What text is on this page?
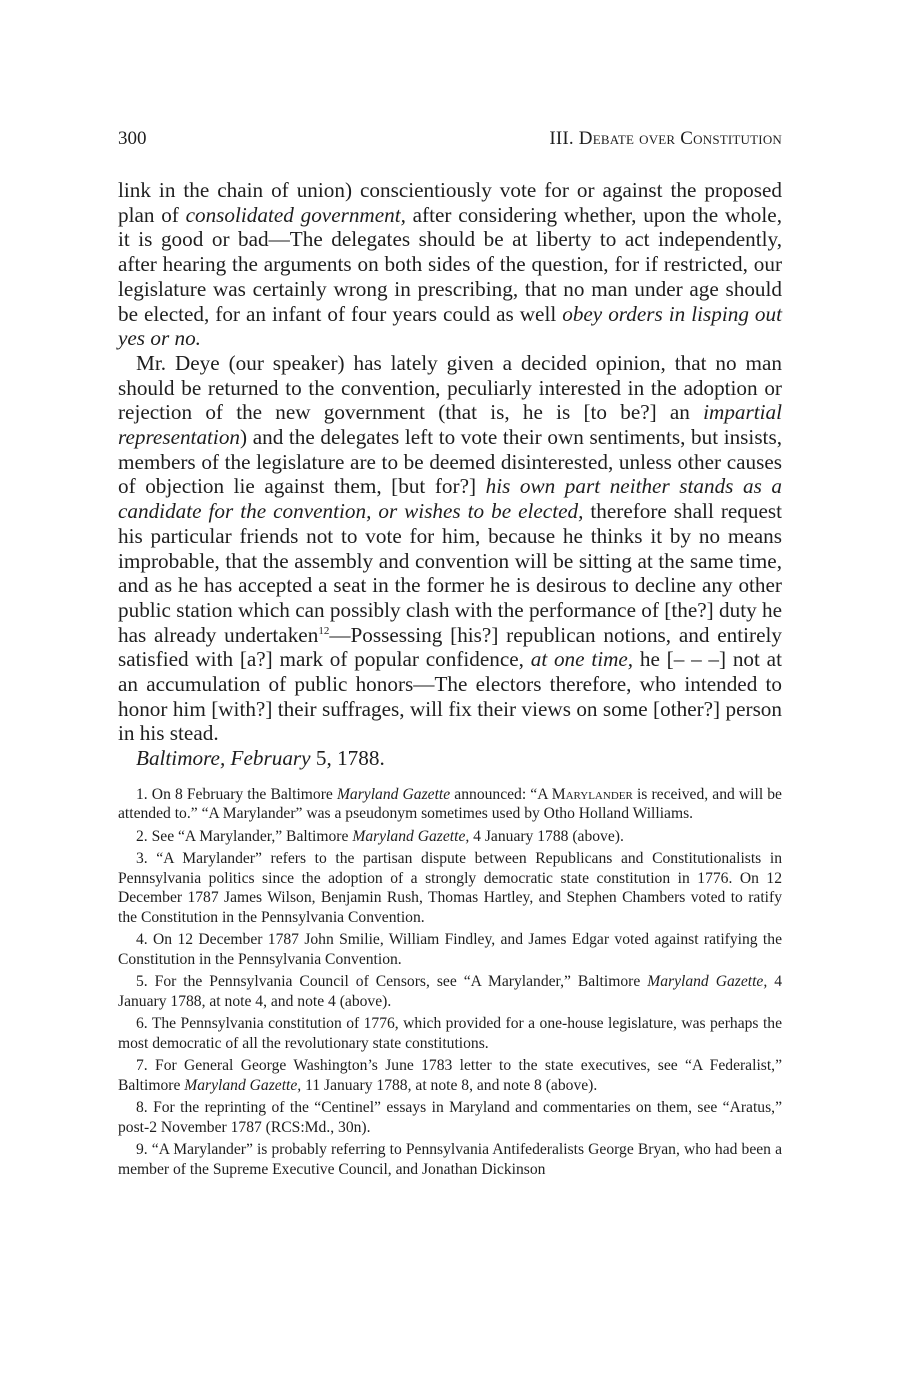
300	III. Debate over Constitution

link in the chain of union) conscientiously vote for or against the proposed plan of consolidated government, after considering whether, upon the whole, it is good or bad—The delegates should be at liberty to act independently, after hearing the arguments on both sides of the question, for if restricted, our legislature was certainly wrong in prescribing, that no man under age should be elected, for an infant of four years could as well obey orders in lisping out yes or no.

Mr. Deye (our speaker) has lately given a decided opinion, that no man should be returned to the convention, peculiarly interested in the adoption or rejection of the new government (that is, he is [to be?] an impartial representation) and the delegates left to vote their own sentiments, but insists, members of the legislature are to be deemed disinterested, unless other causes of objection lie against them, [but for?] his own part neither stands as a candidate for the convention, or wishes to be elected, therefore shall request his particular friends not to vote for him, because he thinks it by no means improbable, that the assembly and convention will be sitting at the same time, and as he has accepted a seat in the former he is desirous to decline any other public station which can possibly clash with the performance of [the?] duty he has already undertaken$^{12}$—Possessing [his?] republican notions, and entirely satisfied with [a?] mark of popular confidence, at one time, he [– – –] not at an accumulation of public honors—The electors therefore, who intended to honor him [with?] their suffrages, will fix their views on some [other?] person in his stead.

Baltimore, February 5, 1788.

1. On 8 February the Baltimore Maryland Gazette announced: “A Marylander is received, and will be attended to.” “A Marylander” was a pseudonym sometimes used by Otho Holland Williams.

2. See “A Marylander,” Baltimore Maryland Gazette, 4 January 1788 (above).

3. “A Marylander” refers to the partisan dispute between Republicans and Constitutionalists in Pennsylvania politics since the adoption of a strongly democratic state constitution in 1776. On 12 December 1787 James Wilson, Benjamin Rush, Thomas Hartley, and Stephen Chambers voted to ratify the Constitution in the Pennsylvania Convention.

4. On 12 December 1787 John Smilie, William Findley, and James Edgar voted against ratifying the Constitution in the Pennsylvania Convention.

5. For the Pennsylvania Council of Censors, see “A Marylander,” Baltimore Maryland Gazette, 4 January 1788, at note 4, and note 4 (above).

6. The Pennsylvania constitution of 1776, which provided for a one-house legislature, was perhaps the most democratic of all the revolutionary state constitutions.

7. For General George Washington’s June 1783 letter to the state executives, see “A Federalist,” Baltimore Maryland Gazette, 11 January 1788, at note 8, and note 8 (above).

8. For the reprinting of the “Centinel” essays in Maryland and commentaries on them, see “Aratus,” post-2 November 1787 (RCS:Md., 30n).

9. “A Marylander” is probably referring to Pennsylvania Antifederalists George Bryan, who had been a member of the Supreme Executive Council, and Jonathan Dickinson
